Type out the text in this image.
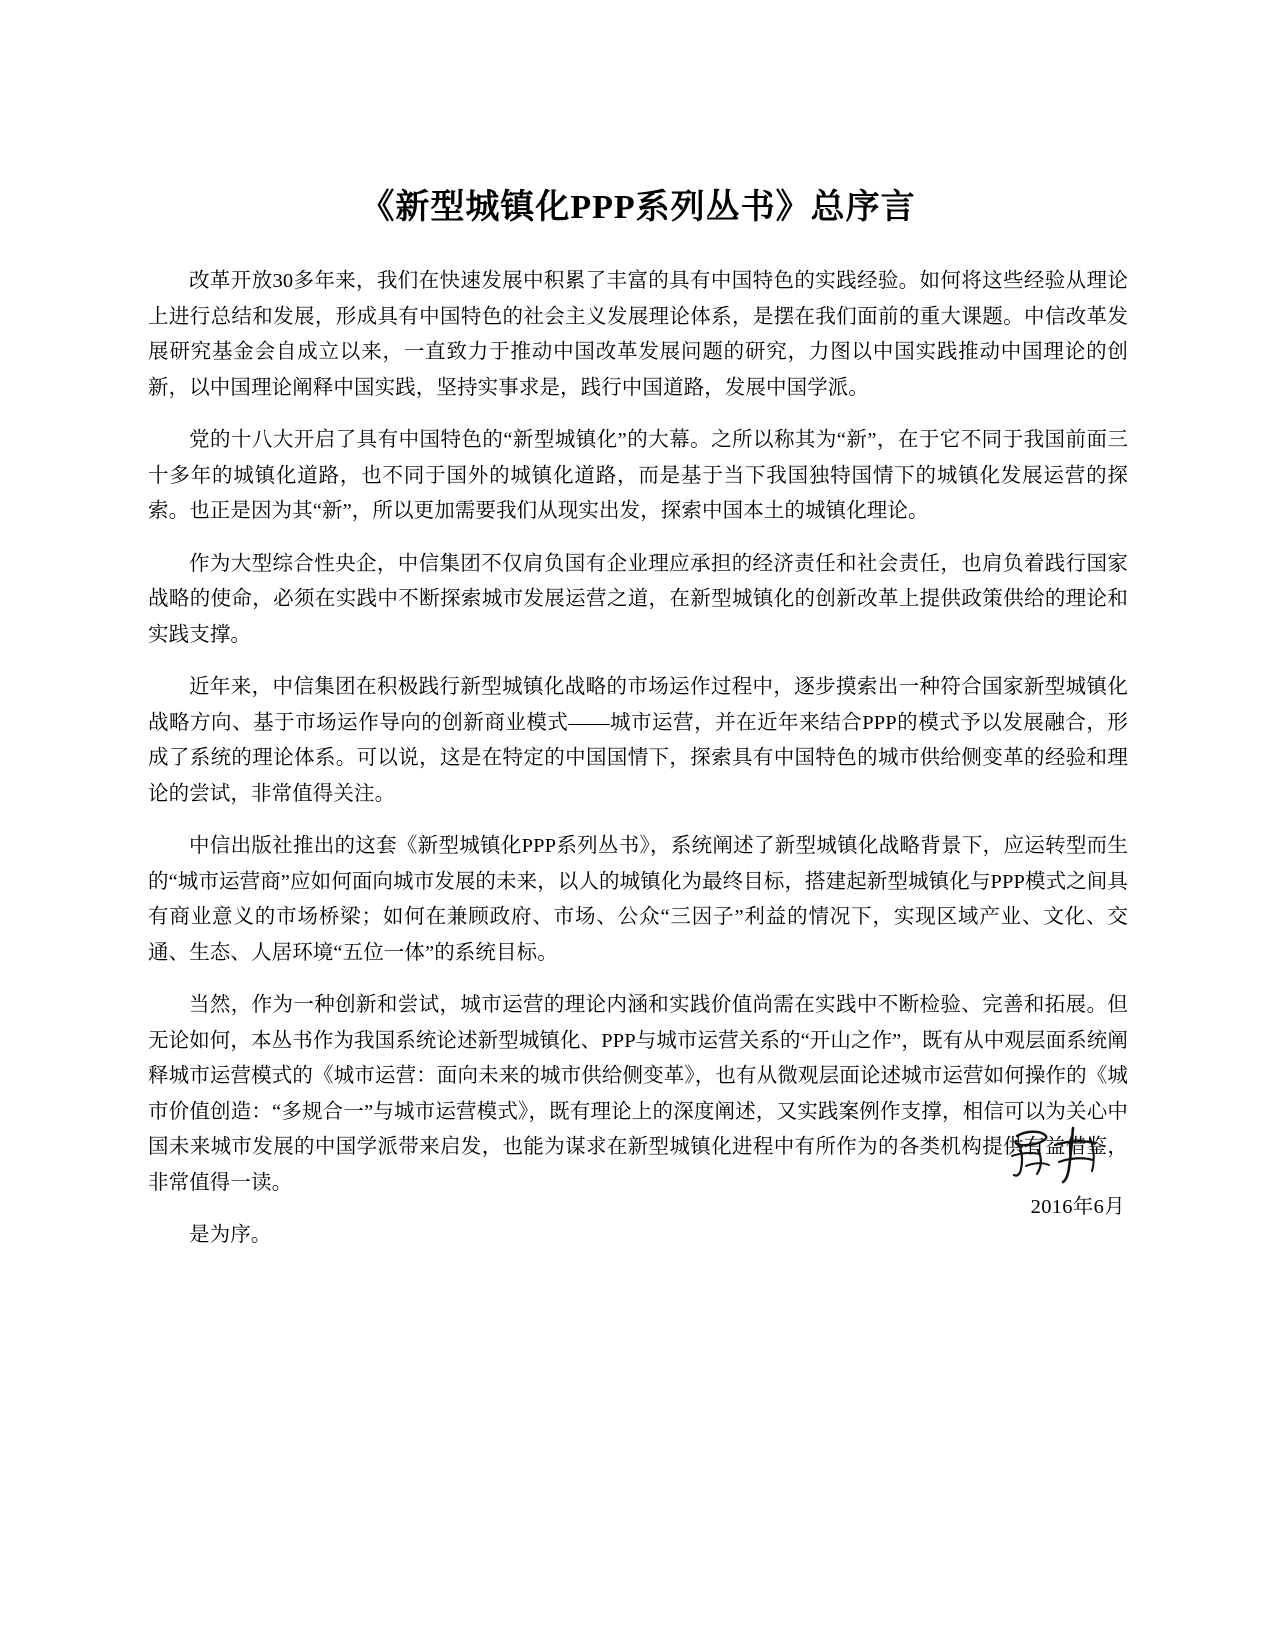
《新型城镇化PPP系列丛书》总序言

改革开放30多年来，我们在快速发展中积累了丰富的具有中国特色的实践经验。如何将这些经验从理论上进行总结和发展，形成具有中国特色的社会主义发展理论体系，是摆在我们面前的重大课题。中信改革发展研究基金会自成立以来，一直致力于推动中国改革发展问题的研究，力图以中国实践推动中国理论的创新，以中国理论阐释中国实践，坚持实事求是，践行中国道路，发展中国学派。

党的十八大开启了具有中国特色的“新型城镇化”的大幕。之所以称其为“新”，在于它不同于我国前面三十多年的城镇化道路，也不同于国外的城镇化道路，而是基于当下我国独特国情下的城镇化发展运营的探索。也正是因为其“新”，所以更加需要我们从现实出发，探索中国本土的城镇化理论。

作为大型综合性央企，中信集团不仅肩负国有企业理应承担的经济责任和社会责任，也肩负着践行国家战略的使命，必须在实践中不断探索城市发展运营之道，在新型城镇化的创新改革上提供政策供给的理论和实践支撑。

近年来，中信集团在积极践行新型城镇化战略的市场运作过程中，逐步摸索出一种符合国家新型城镇化战略方向、基于市场运作导向的创新商业模式——城市运营，并在近年来结合PPP的模式予以发展融合，形成了系统的理论体系。可以说，这是在特定的中国国情下，探索具有中国特色的城市供给侧变革的经验和理论的尝试，非常值得关注。

中信出版社推出的这套《新型城镇化PPP系列丛书》，系统阐述了新型城镇化战略背景下，应运转型而生的“城市运营商”应如何面向城市发展的未来，以人的城镇化为最终目标，搭建起新型城镇化与PPP模式之间具有商业意义的市场桥梁；如何在兼顾政府、市场、公众“三因子”利益的情况下，实现区域产业、文化、交通、生态、人居环境“五位一体”的系统目标。

当然，作为一种创新和尝试，城市运营的理论内涵和实践价值尚需在实践中不断检验、完善和拓展。但无论如何，本丛书作为我国系统论述新型城镇化、PPP与城市运营关系的“开山之作”，既有从中观层面系统阐释城市运营模式的《城市运营：面向未来的城市供给侧变革》，也有从微观层面论述城市运营如何操作的《城市价值创造：“多规合一”与城市运营模式》，既有理论上的深度阐述，又实践案例作支撑，相信可以为关心中国未来城市发展的中国学派带来启发，也能为谋求在新型城镇化进程中有所作为的各类机构提供有益借鉴，非常值得一读。

是为序。

2016年6月
